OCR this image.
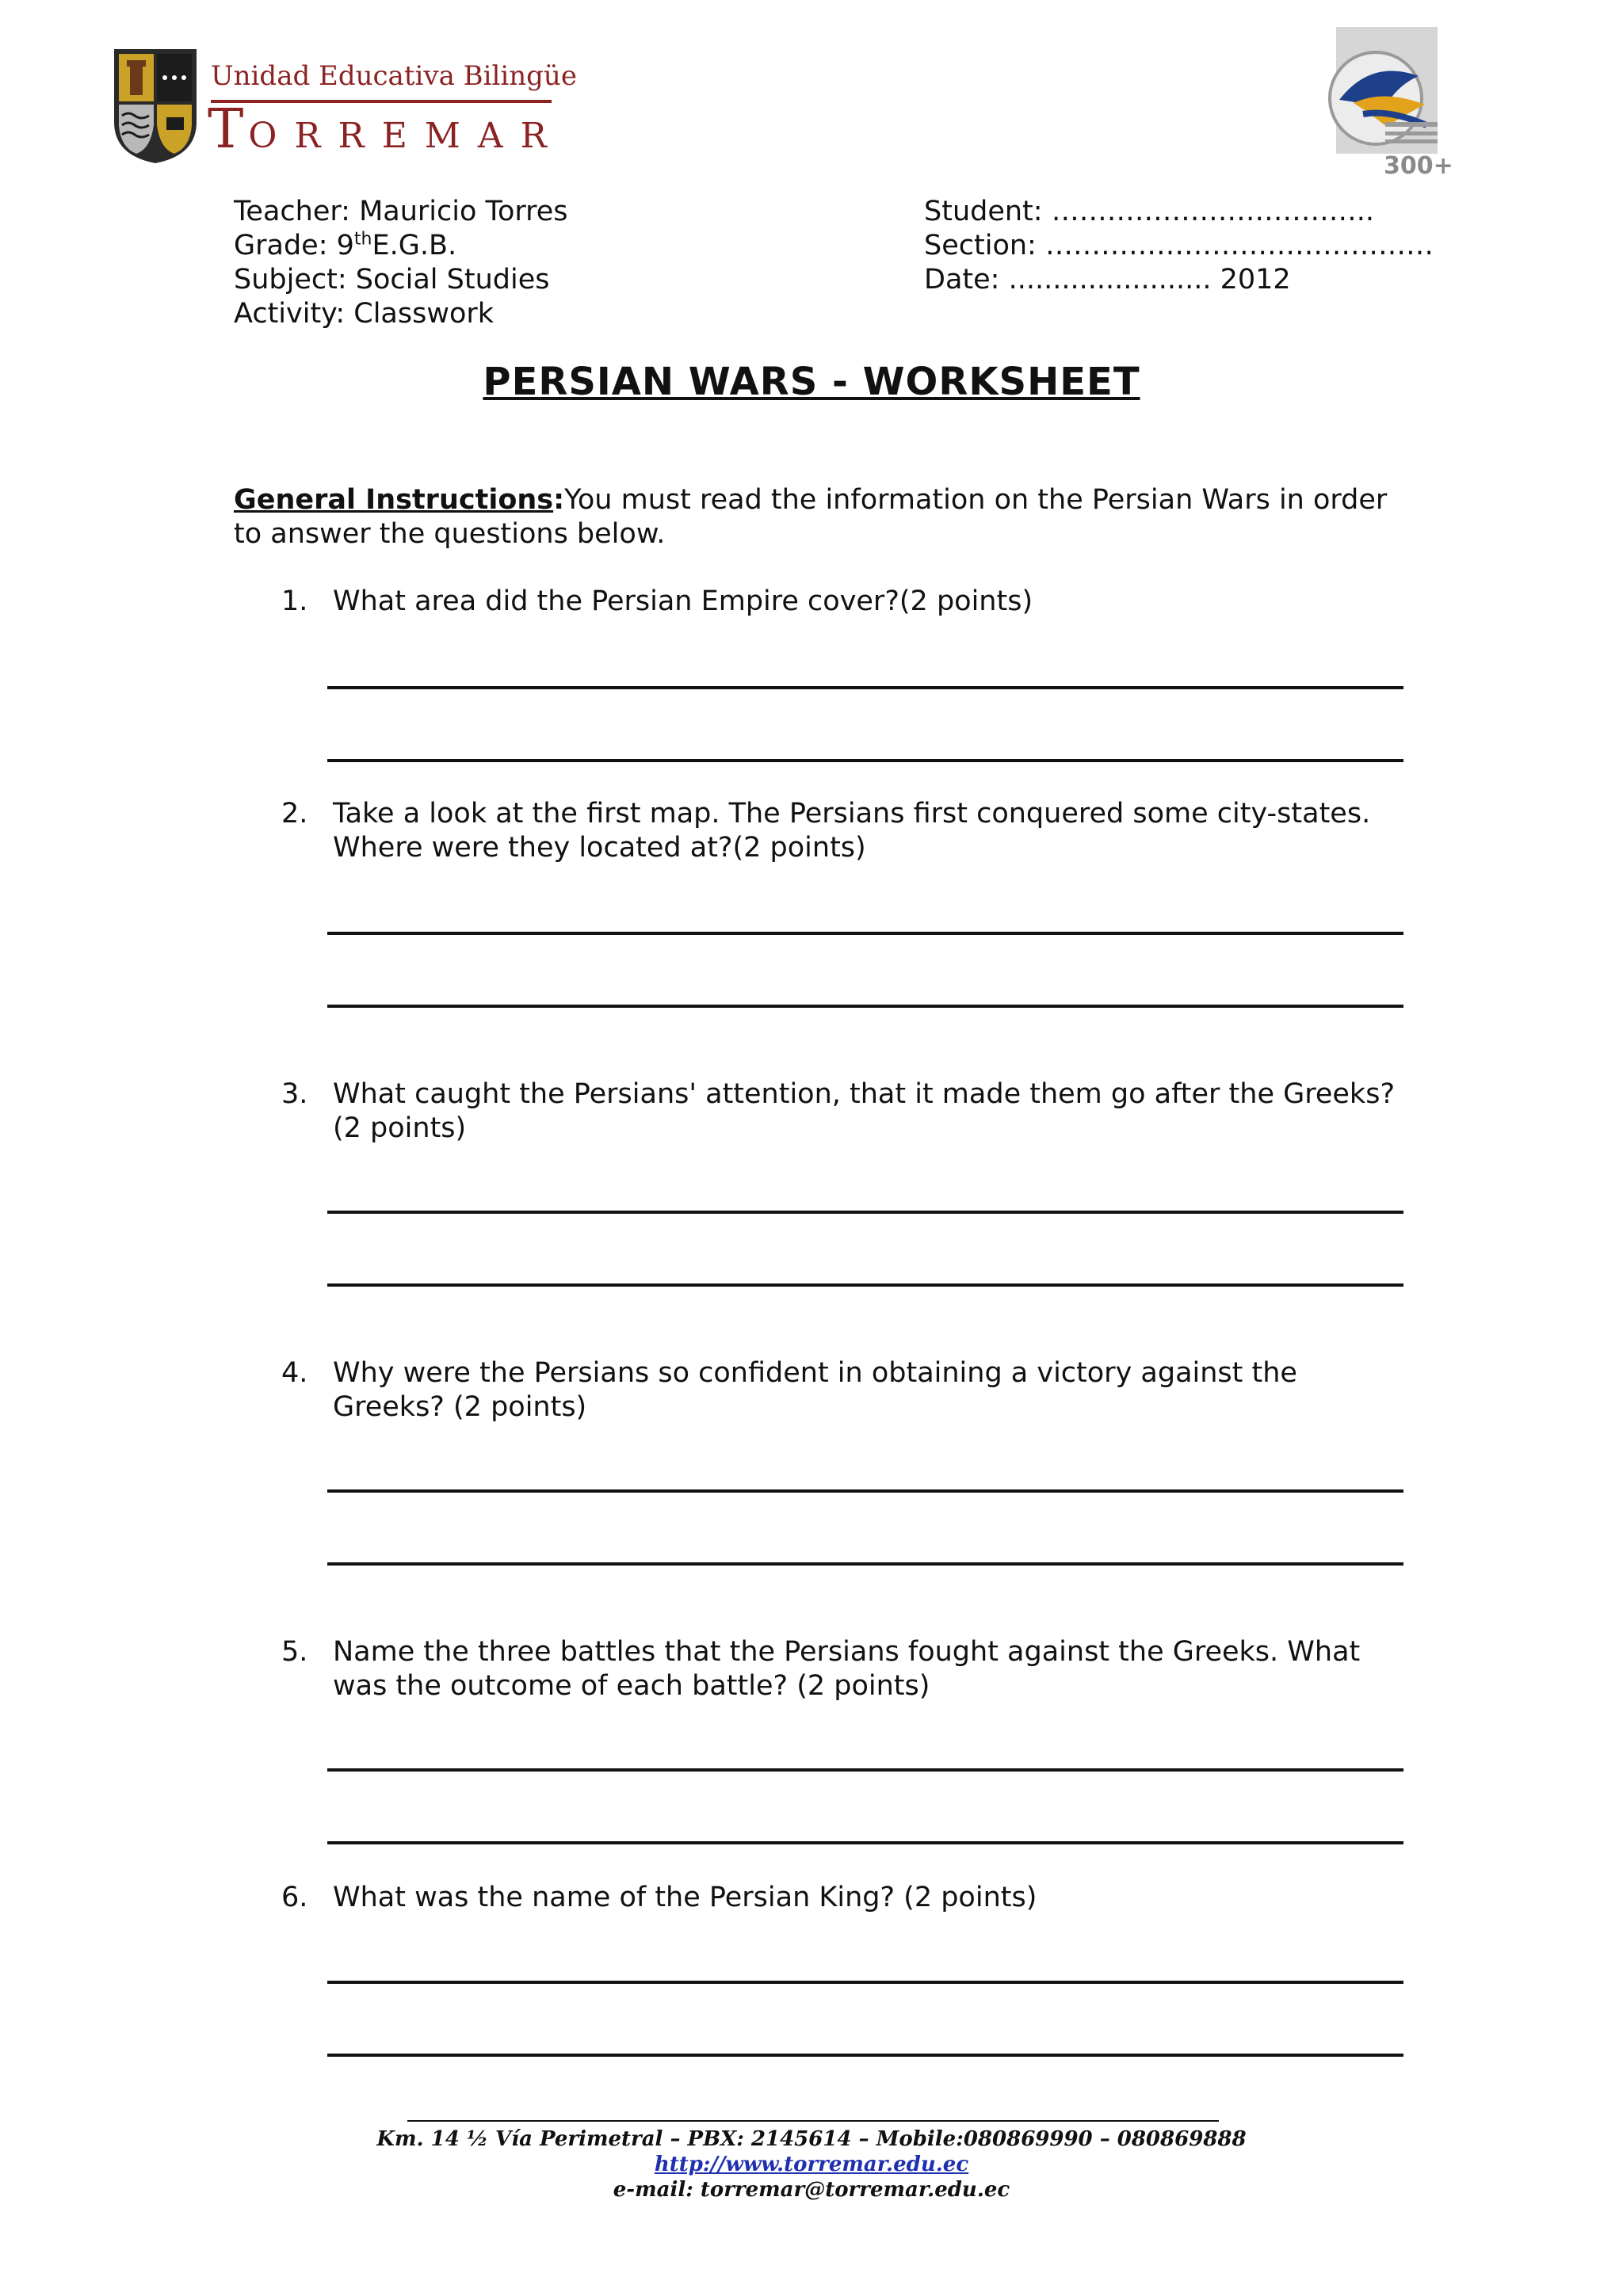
Unidad Educativa Bilingüe
TORREMAR
300+
Teacher: Mauricio Torres
Grade: 9thE.G.B.
Subject: Social Studies
Activity: Classwork
Student: ……………………………..
Section: ……………………………………
Date: ....................... 2012
PERSIAN WARS - WORKSHEET
General Instructions:You must read the information on the Persian Wars in order to answer the questions below.
1. What area did the Persian Empire cover?(2 points)
2. Take a look at the first map. The Persians first conquered some city-states. Where were they located at?(2 points)
3. What caught the Persians' attention, that it made them go after the Greeks?(2 points)
4. Why were the Persians so confident in obtaining a victory against the Greeks? (2 points)
5. Name the three battles that the Persians fought against the Greeks. What was the outcome of each battle? (2 points)
6. What was the name of the Persian King? (2 points)
Km. 14 ½ Vía Perimetral – PBX: 2145614 – Mobile:080869990 – 080869888
http://www.torremar.edu.ec
e-mail: torremar@torremar.edu.ec
